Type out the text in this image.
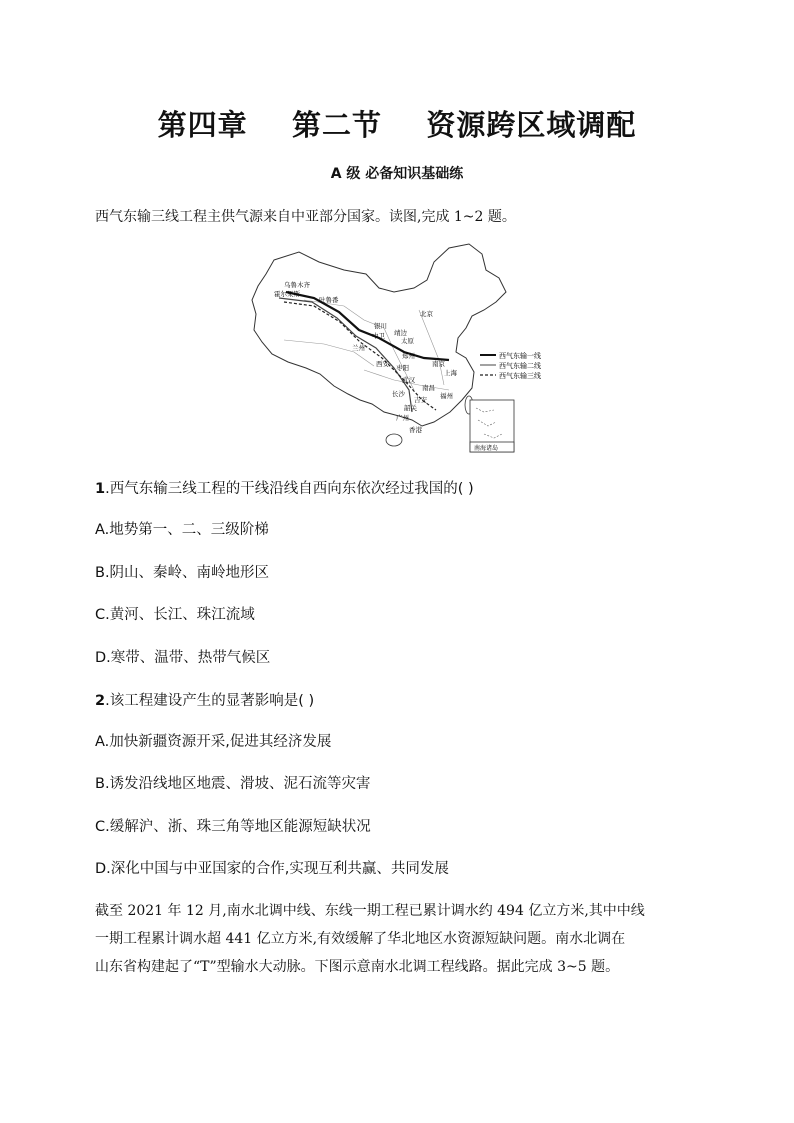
第四章    第二节    资源跨区域调配
A 级 必备知识基础练
西气东输三线工程主供气源来自中亚部分国家。读图,完成 1~2 题。
乌鲁木齐
霍尔果斯
吐鲁番
银川
靖边
北京
太原
中卫
兰州
郑州
西安 枣阳	南京
上海
武汉
吉安
长沙
南昌
福州
韶关
广州
香港
西气东输一线
西气东输二线
西气东输三线
南海诸岛
1.西气东输三线工程的干线沿线自西向东依次经过我国的( )
A.地势第一、二、三级阶梯
B.阴山、秦岭、南岭地形区
C.黄河、长江、珠江流域
D.寒带、温带、热带气候区
2.该工程建设产生的显著影响是( )
A.加快新疆资源开采,促进其经济发展
B.诱发沿线地区地震、滑坡、泥石流等灾害
C.缓解沪、浙、珠三角等地区能源短缺状况
D.深化中国与中亚国家的合作,实现互利共赢、共同发展
截至 2021 年 12 月,南水北调中线、东线一期工程已累计调水约 494 亿立方米,其中中线
一期工程累计调水超 441 亿立方米,有效缓解了华北地区水资源短缺问题。南水北调在
山东省构建起了“T”型输水大动脉。下图示意南水北调工程线路。据此完成 3~5 题。
